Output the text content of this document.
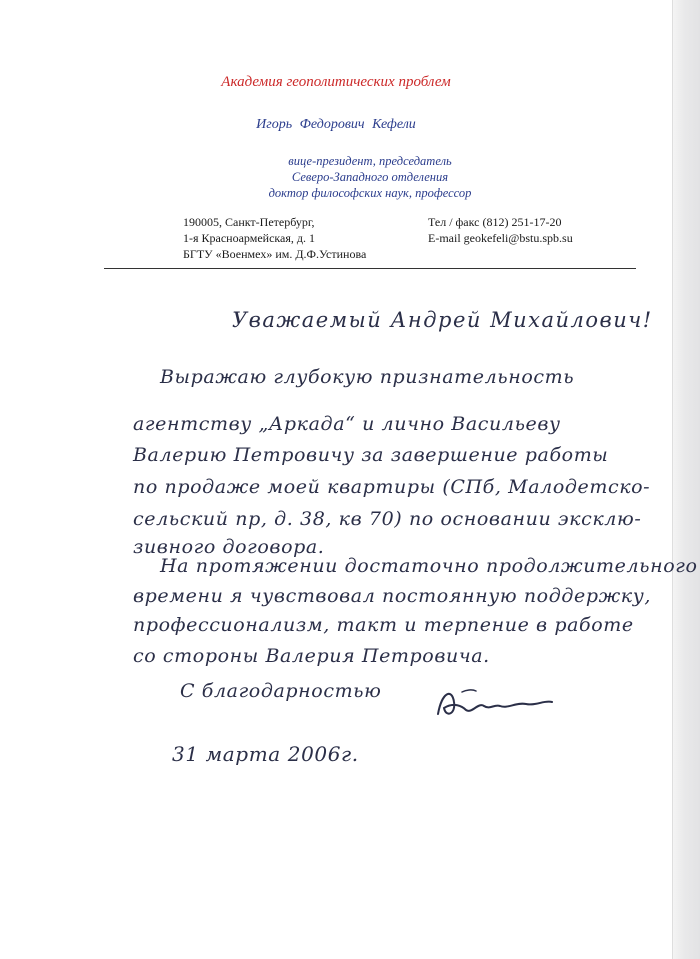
Академия геополитических проблем
Игорь Федорович Кефели
вице-президент, председатель
Северо-Западного отделения
доктор философских наук, профессор
190005, Санкт-Петербург,
1-я Красноармейская, д. 1
БГТУ «Военмех» им. Д.Ф.Устинова
Тел / факс (812) 251-17-20
E-mail geokefeli@bstu.spb.su
Уважаемый Андрей Михайлович!
Выражаю глубокую признательность
агентству „Аркада“ и лично Васильеву
Валерию Петровичу за завершение работы
по продаже моей квартиры (СПб, Малодетско-
сельский пр, д. 38, кв 70) по основании эксклю-
зивного договора.
На протяжении достаточно продолжительного
времени я чувствовал постоянную поддержку,
профессионализм, такт и терпение в работе
со стороны Валерия Петровича.
С благодарностью
31 марта 2006г.
